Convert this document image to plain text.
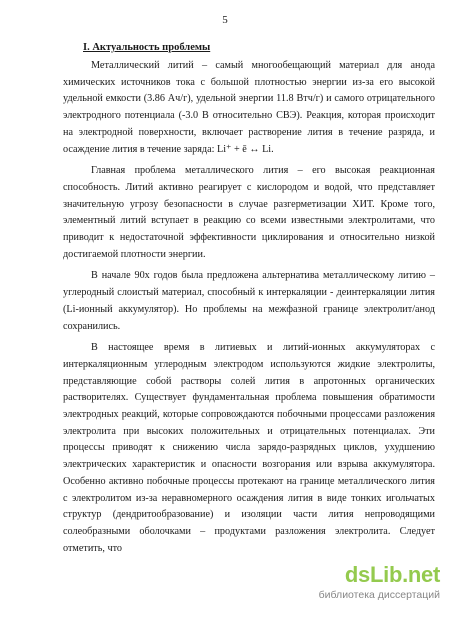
5
I. Актуальность проблемы

Металлический литий – самый многообещающий материал для анода химических источников тока с большой плотностью энергии из-за его высокой удельной емкости (3.86 Ач/г), удельной энергии 11.8 Втч/г) и самого отрицательного электродного потенциала (-3.0 В относительно СВЭ). Реакция, которая происходит на электродной поверхности, включает растворение лития в течение разряда, и осаждение лития в течение заряда: Li⁺ + ē ↔ Li.

Главная проблема металлического лития – его высокая реакционная способность. Литий активно реагирует с кислородом и водой, что представляет значительную угрозу безопасности в случае разгерметизации ХИТ. Кроме того, элементный литий вступает в реакцию со всеми известными электролитами, что приводит к недостаточной эффективности циклирования и относительно низкой достигаемой плотности энергии.

В начале 90х годов была предложена альтернатива металлическому литию – углеродный слоистый материал, способный к интеркаляции - деинтеркаляции лития (Li-ионный аккумулятор). Но проблемы на межфазной границе электролит/анод сохранились.

В настоящее время в литиевых и литий-ионных аккумуляторах с интеркаляционным углеродным электродом используются жидкие электролиты, представляющие собой растворы солей лития в апротонных органических растворителях. Существует фундаментальная проблема повышения обратимости электродных реакций, которые сопровождаются побочными процессами разложения электролита при высоких положительных и отрицательных потенциалах. Эти процессы приводят к снижению числа зарядо-разрядных циклов, ухудшению электрических характеристик и опасности возгорания или взрыва аккумулятора. Особенно активно побочные процессы протекают на границе металлического лития с электролитом из-за неравномерного осаждения лития в виде тонких игольчатых структур (дендритообразование) и изоляции части лития непроводящими солеобразными оболочками – продуктами разложения электролита. Следует отметить, что

dsLib.net
библиотека диссертаций
